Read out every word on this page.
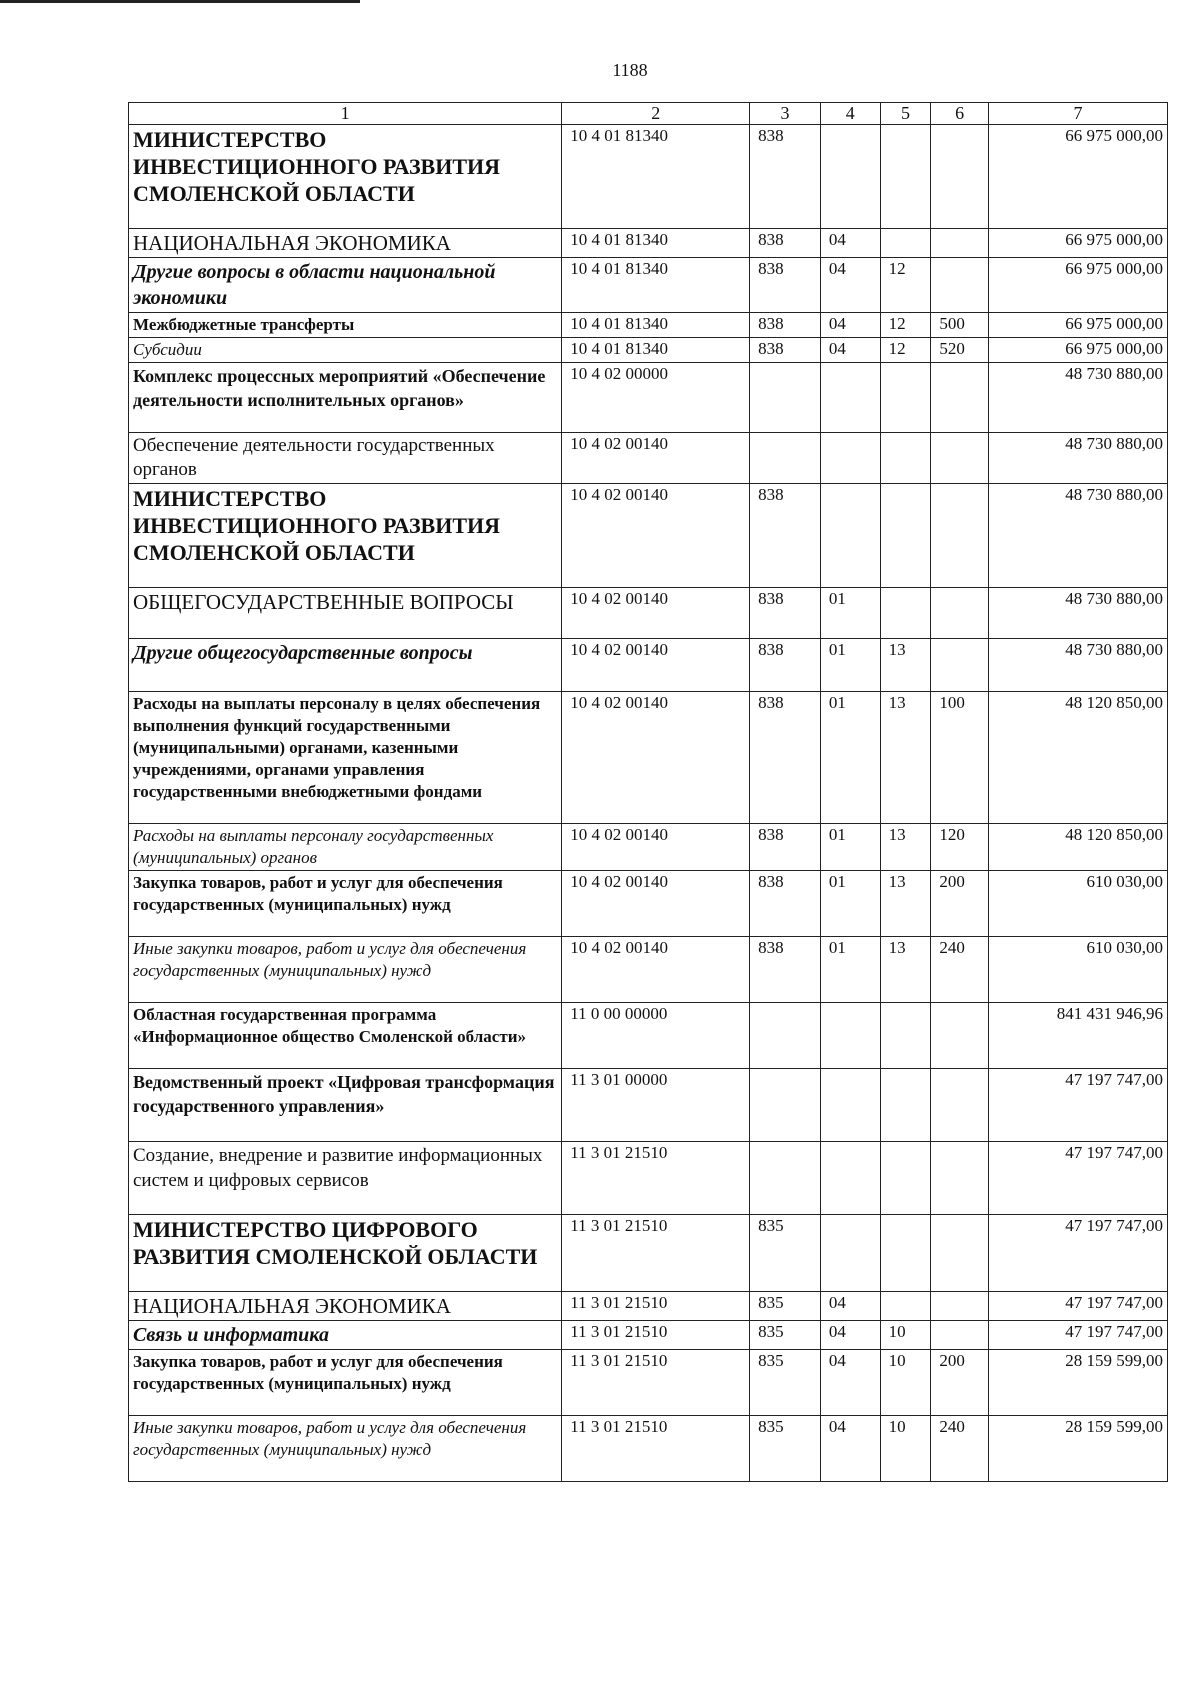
1188
1	2	3	4	5	6	7
МИНИСТЕРСТВО ИНВЕСТИЦИОННОГО РАЗВИТИЯ СМОЛЕНСКОЙ ОБЛАСТИ	10 4 01 81340	838				66 975 000,00
НАЦИОНАЛЬНАЯ ЭКОНОМИКА	10 4 01 81340	838	04			66 975 000,00
Другие вопросы в области национальной экономики	10 4 01 81340	838	04	12		66 975 000,00
Межбюджетные трансферты	10 4 01 81340	838	04	12	500	66 975 000,00
Субсидии	10 4 01 81340	838	04	12	520	66 975 000,00
Комплекс процессных мероприятий «Обеспечение деятельности исполнительных органов»	10 4 02 00000					48 730 880,00
Обеспечение деятельности государственных органов	10 4 02 00140					48 730 880,00
МИНИСТЕРСТВО ИНВЕСТИЦИОННОГО РАЗВИТИЯ СМОЛЕНСКОЙ ОБЛАСТИ	10 4 02 00140	838				48 730 880,00
ОБЩЕГОСУДАРСТВЕННЫЕ ВОПРОСЫ	10 4 02 00140	838	01			48 730 880,00
Другие общегосударственные вопросы	10 4 02 00140	838	01	13		48 730 880,00
Расходы на выплаты персоналу в целях обеспечения выполнения функций государственными (муниципальными) органами, казенными учреждениями, органами управления государственными внебюджетными фондами	10 4 02 00140	838	01	13	100	48 120 850,00
Расходы на выплаты персоналу государственных (муниципальных) органов	10 4 02 00140	838	01	13	120	48 120 850,00
Закупка товаров, работ и услуг для обеспечения государственных (муниципальных) нужд	10 4 02 00140	838	01	13	200	610 030,00
Иные закупки товаров, работ и услуг для обеспечения государственных (муниципальных) нужд	10 4 02 00140	838	01	13	240	610 030,00
Областная государственная программа «Информационное общество Смоленской области»	11 0 00 00000					841 431 946,96
Ведомственный проект «Цифровая трансформация государственного управления»	11 3 01 00000					47 197 747,00
Создание, внедрение и развитие информационных систем и цифровых сервисов	11 3 01 21510					47 197 747,00
МИНИСТЕРСТВО ЦИФРОВОГО РАЗВИТИЯ СМОЛЕНСКОЙ ОБЛАСТИ	11 3 01 21510	835				47 197 747,00
НАЦИОНАЛЬНАЯ ЭКОНОМИКА	11 3 01 21510	835	04			47 197 747,00
Связь и информатика	11 3 01 21510	835	04	10		47 197 747,00
Закупка товаров, работ и услуг для обеспечения государственных (муниципальных) нужд	11 3 01 21510	835	04	10	200	28 159 599,00
Иные закупки товаров, работ и услуг для обеспечения государственных (муниципальных) нужд	11 3 01 21510	835	04	10	240	28 159 599,00
